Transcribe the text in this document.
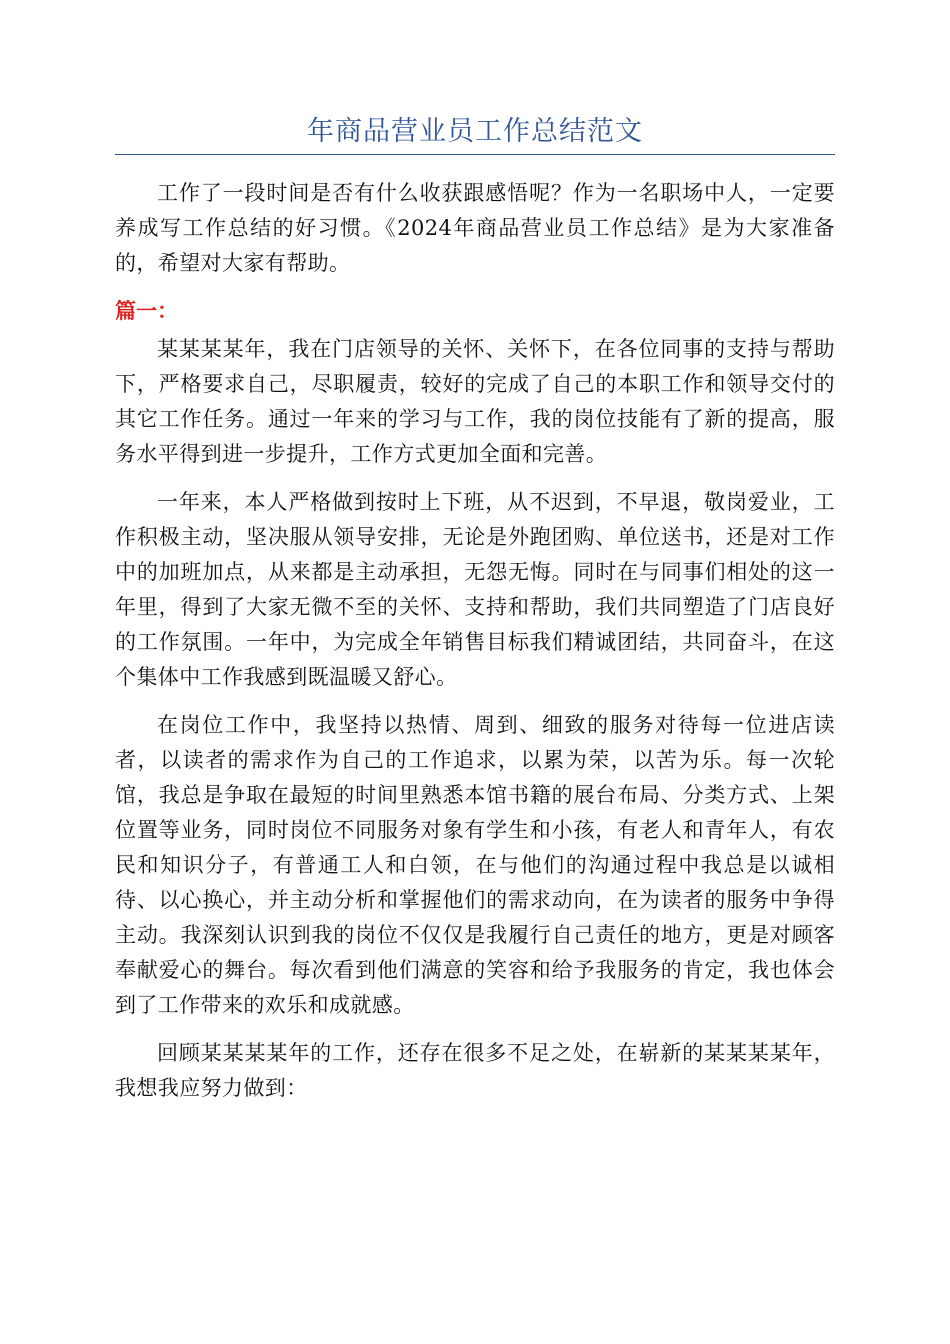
年商品营业员工作总结范文

工作了一段时间是否有什么收获跟感悟呢？作为一名职场中人，一定要养成写工作总结的好习惯。《2024年商品营业员工作总结》是为大家准备的，希望对大家有帮助。

篇一：

某某某某年，我在门店领导的关怀、关怀下，在各位同事的支持与帮助下，严格要求自己，尽职履责，较好的完成了自己的本职工作和领导交付的其它工作任务。通过一年来的学习与工作，我的岗位技能有了新的提高，服务水平得到进一步提升，工作方式更加全面和完善。

一年来，本人严格做到按时上下班，从不迟到，不早退，敬岗爱业，工作积极主动，坚决服从领导安排，无论是外跑团购、单位送书，还是对工作中的加班加点，从来都是主动承担，无怨无悔。同时在与同事们相处的这一年里，得到了大家无微不至的关怀、支持和帮助，我们共同塑造了门店良好的工作氛围。一年中，为完成全年销售目标我们精诚团结，共同奋斗，在这个集体中工作我感到既温暖又舒心。

在岗位工作中，我坚持以热情、周到、细致的服务对待每一位进店读者，以读者的需求作为自己的工作追求，以累为荣，以苦为乐。每一次轮馆，我总是争取在最短的时间里熟悉本馆书籍的展台布局、分类方式、上架位置等业务，同时岗位不同服务对象有学生和小孩，有老人和青年人，有农民和知识分子，有普通工人和白领，在与他们的沟通过程中我总是以诚相待、以心换心，并主动分析和掌握他们的需求动向，在为读者的服务中争得主动。我深刻认识到我的岗位不仅仅是我履行自己责任的地方，更是对顾客奉献爱心的舞台。每次看到他们满意的笑容和给予我服务的肯定，我也体会到了工作带来的欢乐和成就感。

回顾某某某某年的工作，还存在很多不足之处，在崭新的某某某某年，我想我应努力做到：
